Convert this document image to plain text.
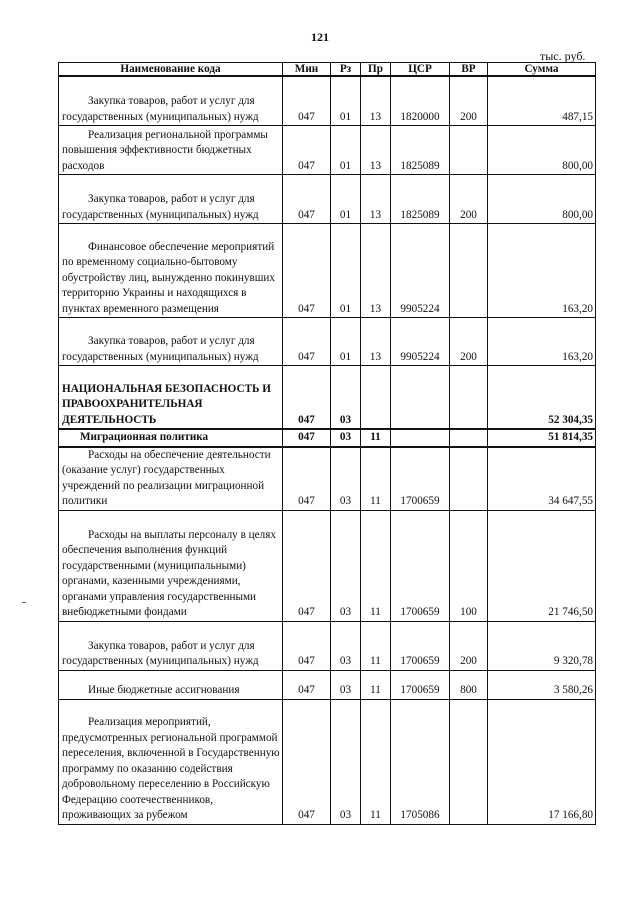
121
тыс. руб.
Наименование кода	Мин	Рз	Пр	ЦСР	ВР	Сумма

Закупка товаров, работ и услуг для государственных (муниципальных) нужд	047	01	13	1820000	200	487,15

Реализация региональной программы повышения эффективности бюджетных расходов	047	01	13	1825089		800,00

Закупка товаров, работ и услуг для государственных (муниципальных) нужд	047	01	13	1825089	200	800,00

Финансовое обеспечение мероприятий по временному социально-бытовому обустройству лиц, вынужденно покинувших территорию Украины и находящихся в пунктах временного размещения	047	01	13	9905224		163,20

Закупка товаров, работ и услуг для государственных (муниципальных) нужд	047	01	13	9905224	200	163,20

НАЦИОНАЛЬНАЯ БЕЗОПАСНОСТЬ И ПРАВООХРАНИТЕЛЬНАЯ ДЕЯТЕЛЬНОСТЬ	047	03				52 304,35

Миграционная политика	047	03	11			51 814,35

Расходы на обеспечение деятельности (оказание услуг) государственных учреждений по реализации миграционной политики	047	03	11	1700659		34 647,55

Расходы на выплаты персоналу в целях обеспечения выполнения функций государственными (муниципальными) органами, казенными учреждениями, органами управления государственными внебюджетными фондами	047	03	11	1700659	100	21 746,50

Закупка товаров, работ и услуг для государственных (муниципальных) нужд	047	03	11	1700659	200	9 320,78

Иные бюджетные ассигнования	047	03	11	1700659	800	3 580,26

Реализация мероприятий, предусмотренных региональной программой переселения, включенной в Государственную программу по оказанию содействия добровольному переселению в Российскую Федерацию соотечественников, проживающих за рубежом	047	03	11	1705086		17 166,80
